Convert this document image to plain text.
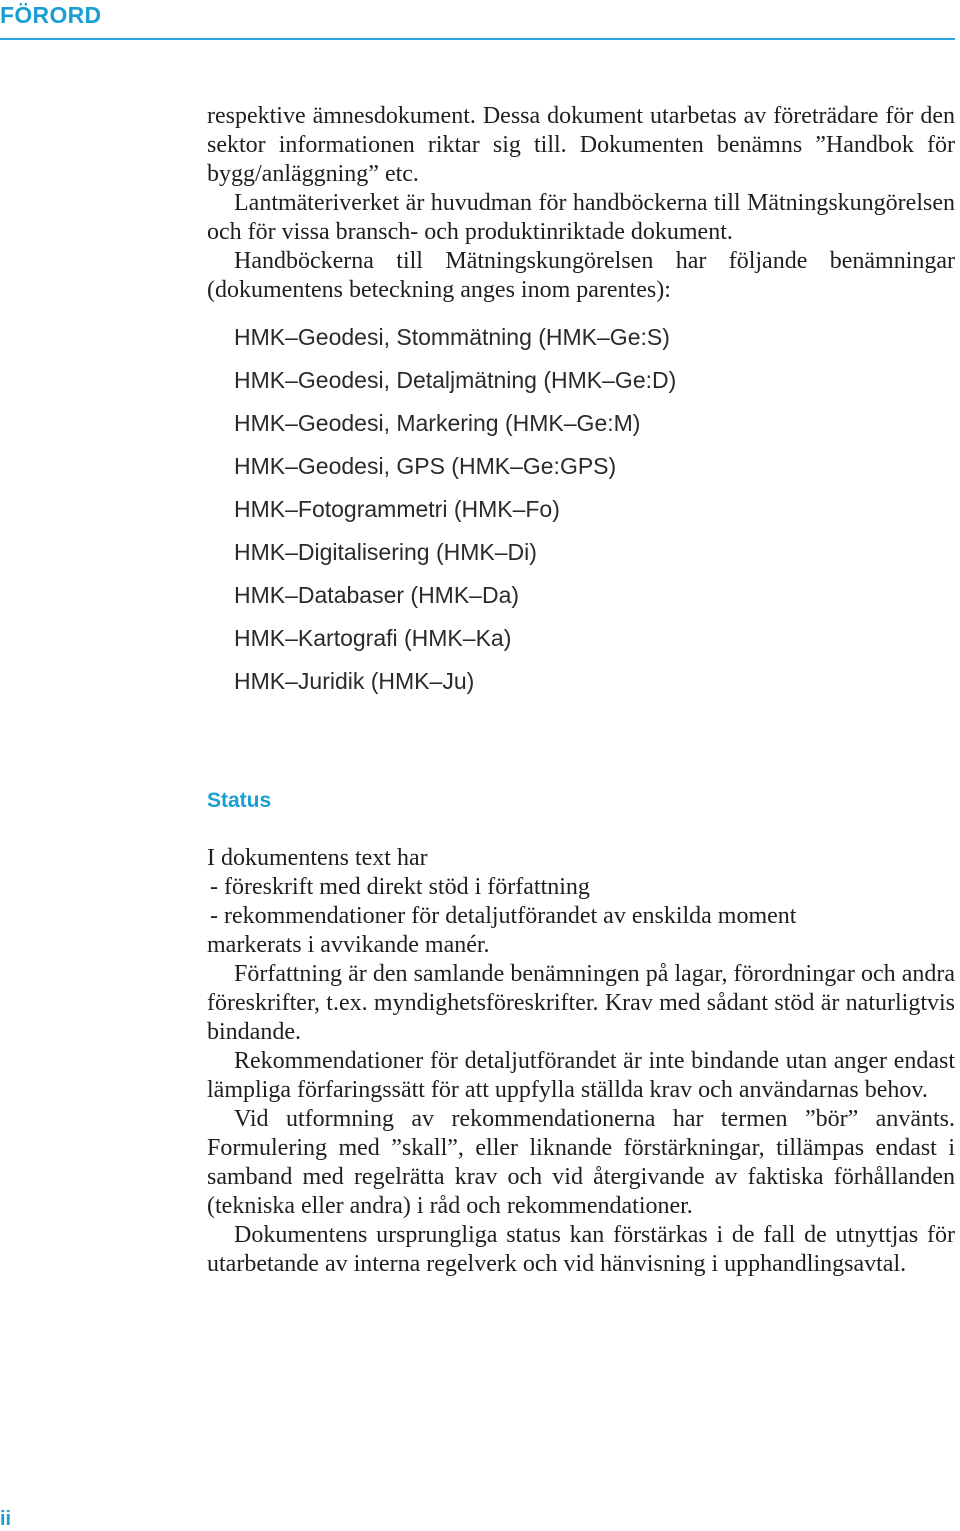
FÖRORD

respektive ämnesdokument. Dessa dokument utarbetas av företrädare för den sektor informationen riktar sig till. Dokumenten benämns ”Handbok för bygg/anläggning” etc.

Lantmäteriverket är huvudman för handböckerna till Mätningskungörelsen och för vissa bransch- och produktinriktade dokument.

Handböckerna till Mätningskungörelsen har följande benämningar (dokumentens beteckning anges inom parentes):

HMK–Geodesi, Stommätning (HMK–Ge:S)
HMK–Geodesi, Detaljmätning (HMK–Ge:D)
HMK–Geodesi, Markering (HMK–Ge:M)
HMK–Geodesi, GPS (HMK–Ge:GPS)
HMK–Fotogrammetri (HMK–Fo)
HMK–Digitalisering (HMK–Di)
HMK–Databaser (HMK–Da)
HMK–Kartografi (HMK–Ka)
HMK–Juridik (HMK–Ju)
Status

I dokumentens text har

- föreskrift med direkt stöd i författning

- rekommendationer för detaljutförandet av enskilda moment

markerats i avvikande manér.

Författning är den samlande benämningen på lagar, förordningar och andra föreskrifter, t.ex. myndighetsföreskrifter. Krav med sådant stöd är naturligtvis bindande.

Rekommendationer för detaljutförandet är inte bindande utan anger endast lämpliga förfaringssätt för att uppfylla ställda krav och användarnas behov.

Vid utformning av rekommendationerna har termen ”bör” använts. Formulering med ”skall”, eller liknande förstärkningar, tillämpas endast i samband med regelrätta krav och vid återgivande av faktiska förhållanden (tekniska eller andra) i råd och rekommendationer.

Dokumentens ursprungliga status kan förstärkas i de fall de utnyttjas för utarbetande av interna regelverk och vid hänvisning i upphandlingsavtal.

ii
